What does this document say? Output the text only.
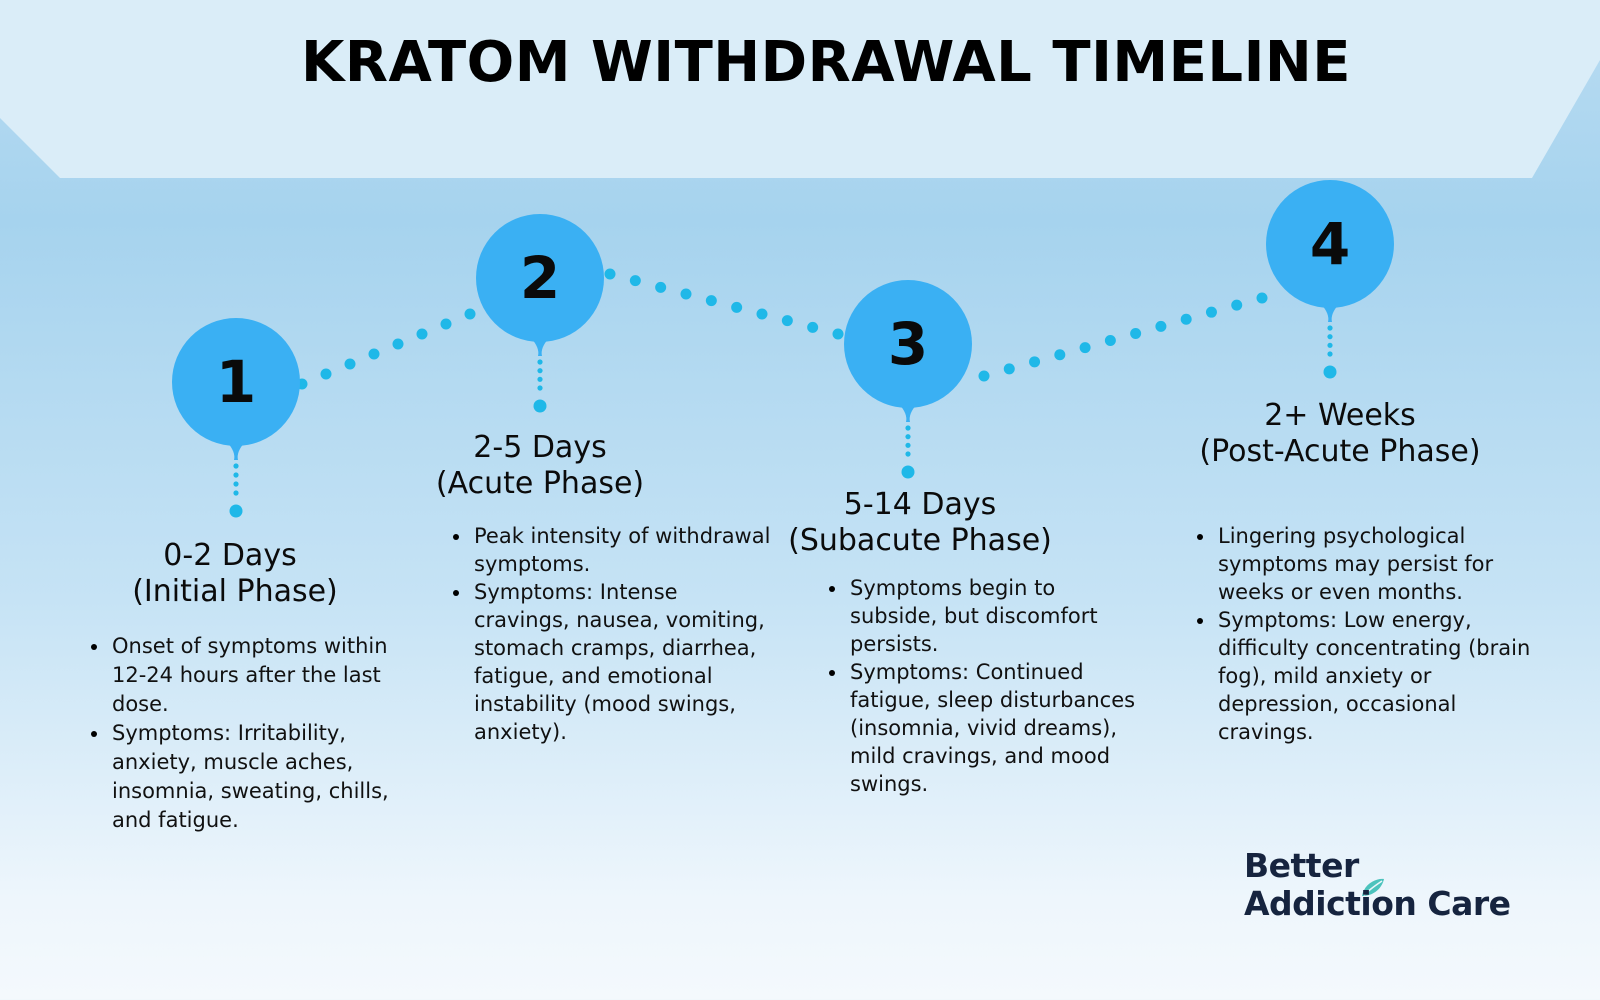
KRATOM WITHDRAWAL TIMELINE
1
0-2 Days
(Initial Phase)
• Onset of symptoms within 12-24 hours after the last dose.
• Symptoms: Irritability, anxiety, muscle aches, insomnia, sweating, chills, and fatigue.
2
2-5 Days
(Acute Phase)
• Peak intensity of withdrawal symptoms.
• Symptoms: Intense cravings, nausea, vomiting, stomach cramps, diarrhea, fatigue, and emotional instability (mood swings, anxiety).
3
5-14 Days
(Subacute Phase)
• Symptoms begin to subside, but discomfort persists.
• Symptoms: Continued fatigue, sleep disturbances (insomnia, vivid dreams), mild cravings, and mood swings.
4
2+ Weeks
(Post-Acute Phase)
• Lingering psychological symptoms may persist for weeks or even months.
• Symptoms: Low energy, difficulty concentrating (brain fog), mild anxiety or depression, occasional cravings.
Better
Addiction Care
